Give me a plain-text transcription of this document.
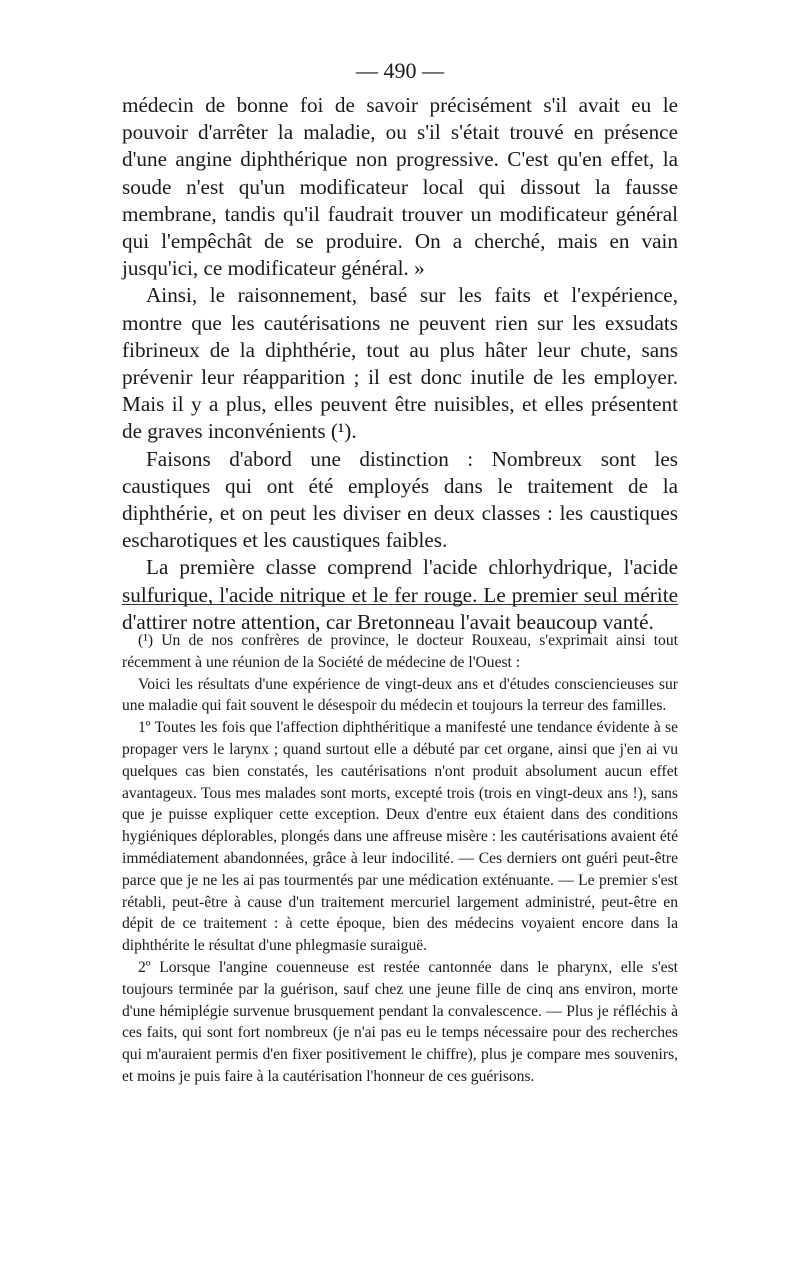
— 490 —

médecin de bonne foi de savoir précisément s'il avait eu le pouvoir d'arrêter la maladie, ou s'il s'était trouvé en présence d'une angine diphthérique non progressive. C'est qu'en effet, la soude n'est qu'un modificateur local qui dissout la fausse membrane, tandis qu'il faudrait trouver un modificateur général qui l'empêchât de se produire. On a cherché, mais en vain jusqu'ici, ce modificateur général. »

Ainsi, le raisonnement, basé sur les faits et l'expérience, montre que les cautérisations ne peuvent rien sur les exsudats fibrineux de la diphthérie, tout au plus hâter leur chute, sans prévenir leur réapparition ; il est donc inutile de les employer. Mais il y a plus, elles peuvent être nuisibles, et elles présentent de graves inconvénients (¹).

Faisons d'abord une distinction : Nombreux sont les caustiques qui ont été employés dans le traitement de la diphthérie, et on peut les diviser en deux classes : les caustiques escharotiques et les caustiques faibles.

La première classe comprend l'acide chlorhydrique, l'acide sulfurique, l'acide nitrique et le fer rouge. Le premier seul mérite d'attirer notre attention, car Bretonneau l'avait beaucoup vanté.

(¹) Un de nos confrères de province, le docteur Rouxeau, s'exprimait ainsi tout récemment à une réunion de la Société de médecine de l'Ouest :

Voici les résultats d'une expérience de vingt-deux ans et d'études consciencieuses sur une maladie qui fait souvent le désespoir du médecin et toujours la terreur des familles.

1º Toutes les fois que l'affection diphthéritique a manifesté une tendance évidente à se propager vers le larynx ; quand surtout elle a débuté par cet organe, ainsi que j'en ai vu quelques cas bien constatés, les cautérisations n'ont produit absolument aucun effet avantageux. Tous mes malades sont morts, excepté trois (trois en vingt-deux ans !), sans que je puisse expliquer cette exception. Deux d'entre eux étaient dans des conditions hygiéniques déplorables, plongés dans une affreuse misère : les cautérisations avaient été immédiatement abandonnées, grâce à leur indocilité. — Ces derniers ont guéri peut-être parce que je ne les ai pas tourmentés par une médication exténuante. — Le premier s'est rétabli, peut-être à cause d'un traitement mercuriel largement administré, peut-être en dépit de ce traitement : à cette époque, bien des médecins voyaient encore dans la diphthérite le résultat d'une phlegmasie suraiguë.

2º Lorsque l'angine couenneuse est restée cantonnée dans le pharynx, elle s'est toujours terminée par la guérison, sauf chez une jeune fille de cinq ans environ, morte d'une hémiplégie survenue brusquement pendant la convalescence. — Plus je réfléchis à ces faits, qui sont fort nombreux (je n'ai pas eu le temps nécessaire pour des recherches qui m'auraient permis d'en fixer positivement le chiffre), plus je compare mes souvenirs, et moins je puis faire à la cautérisation l'honneur de ces guérisons.
